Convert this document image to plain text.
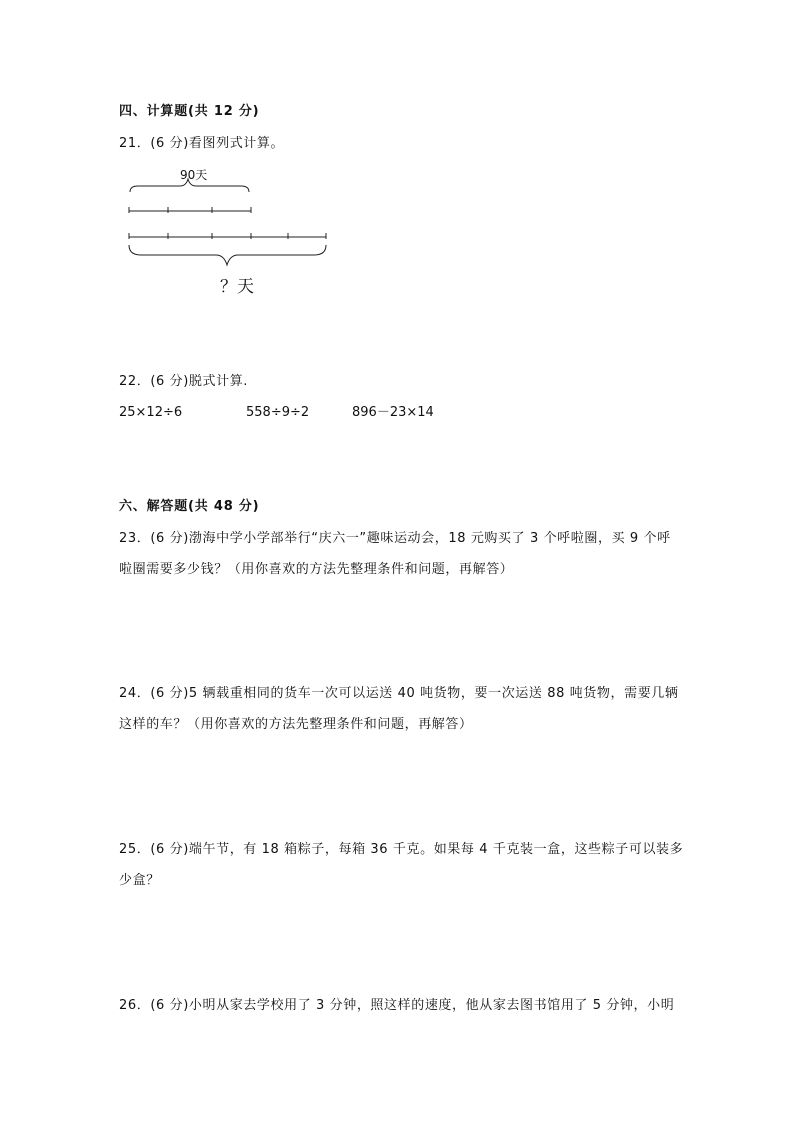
四、计算题(共 12 分)
21．(6 分)看图列式计算。
90天
？天
22．(6 分)脱式计算.
25×12÷6	558÷9÷2	896－23×14
六、解答题(共 48 分)
23．(6 分)渤海中学小学部举行“庆六一”趣味运动会，18 元购买了 3 个呼啦圈，买 9 个呼
啦圈需要多少钱？（用你喜欢的方法先整理条件和问题，再解答）
24．(6 分)5 辆载重相同的货车一次可以运送 40 吨货物，要一次运送 88 吨货物，需要几辆
这样的车？（用你喜欢的方法先整理条件和问题，再解答）
25．(6 分)端午节，有 18 箱粽子，每箱 36 千克。如果每 4 千克装一盒，这些粽子可以装多
少盒？
26．(6 分)小明从家去学校用了 3 分钟，照这样的速度，他从家去图书馆用了 5 分钟，小明
